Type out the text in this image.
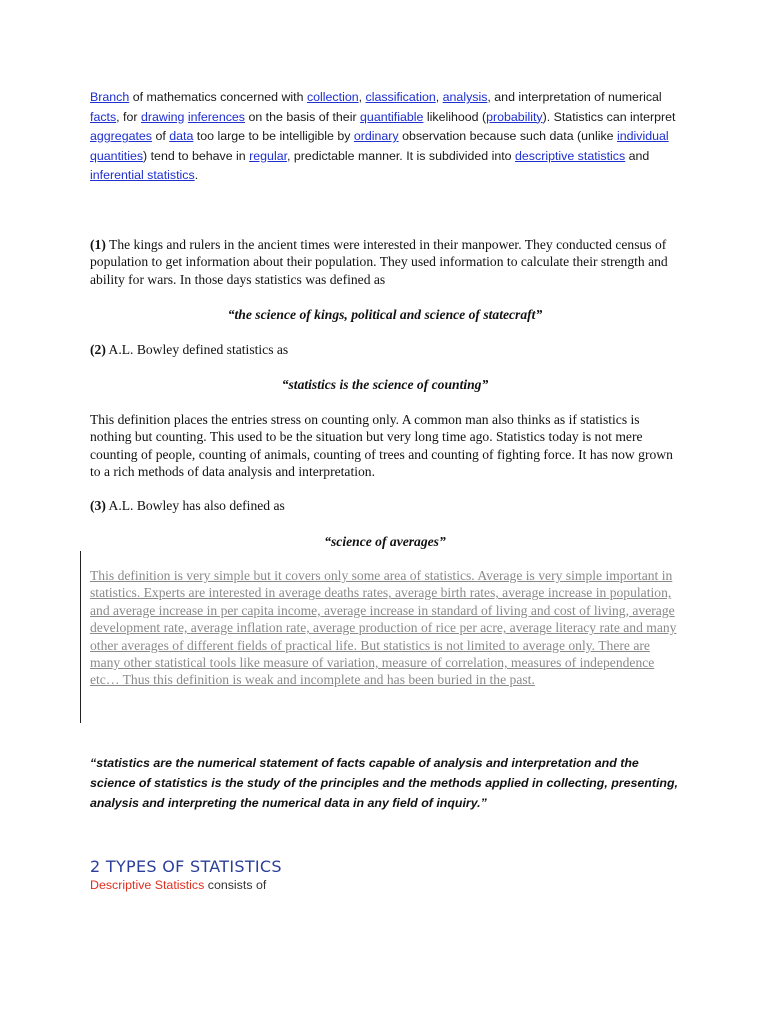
Branch of mathematics concerned with collection, classification, analysis, and interpretation of numerical facts, for drawing inferences on the basis of their quantifiable likelihood (probability). Statistics can interpret aggregates of data too large to be intelligible by ordinary observation because such data (unlike individual quantities) tend to behave in regular, predictable manner. It is subdivided into descriptive statistics and inferential statistics.

(1) The kings and rulers in the ancient times were interested in their manpower. They conducted census of population to get information about their population. They used information to calculate their strength and ability for wars. In those days statistics was defined as
“the science of kings, political and science of statecraft”
(2) A.L. Bowley defined statistics as
“statistics is the science of counting”
This definition places the entries stress on counting only. A common man also thinks as if statistics is nothing but counting. This used to be the situation but very long time ago. Statistics today is not mere counting of people, counting of animals, counting of trees and counting of fighting force. It has now grown to a rich methods of data analysis and interpretation.
(3) A.L. Bowley has also defined as
“science of averages”
This definition is very simple but it covers only some area of statistics. Average is very simple important in statistics. Experts are interested in average deaths rates, average birth rates, average increase in population, and average increase in per capita income, average increase in standard of living and cost of living, average development rate, average inflation rate, average production of rice per acre, average literacy rate and many other averages of different fields of practical life. But statistics is not limited to average only. There are many other statistical tools like measure of variation, measure of correlation, measures of independence etc… Thus this definition is weak and incomplete and has been buried in the past.
“statistics are the numerical statement of facts capable of analysis and interpretation and the science of statistics is the study of the principles and the methods applied in collecting, presenting, analysis and interpreting the numerical data in any field of inquiry.”
2 TYPES OF STATISTICS
Descriptive Statistics consists of
